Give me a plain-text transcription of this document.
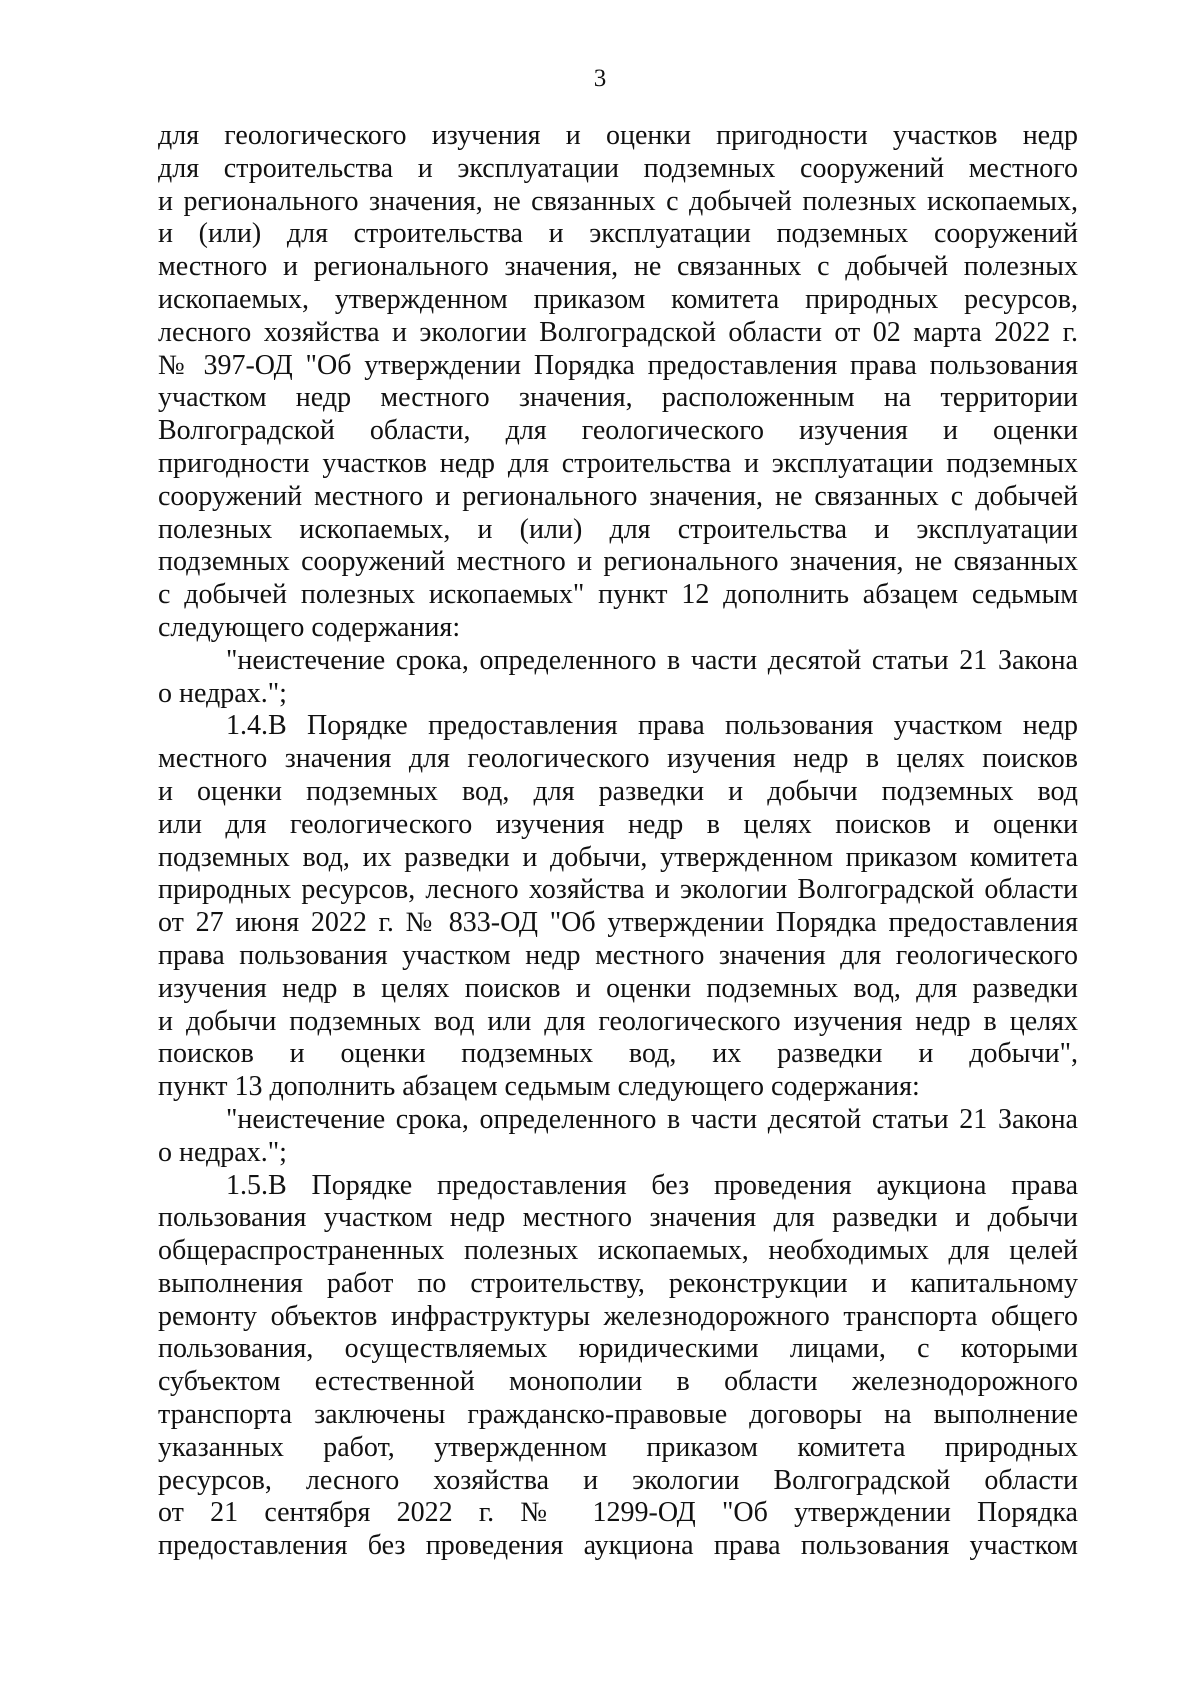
3
для геологического изучения и оценки пригодности участков недр
для строительства и эксплуатации подземных сооружений местного
и регионального значения, не связанных с добычей полезных ископаемых,
и (или) для строительства и эксплуатации подземных сооружений
местного и регионального значения, не связанных с добычей полезных
ископаемых, утвержденном приказом комитета природных ресурсов,
лесного хозяйства и экологии Волгоградской области от 02 марта 2022 г.
№ 397-ОД "Об утверждении Порядка предоставления права пользования
участком недр местного значения, расположенным на территории
Волгоградской области, для геологического изучения и оценки
пригодности участков недр для строительства и эксплуатации подземных
сооружений местного и регионального значения, не связанных с добычей
полезных ископаемых, и (или) для строительства и эксплуатации
подземных сооружений местного и регионального значения, не связанных
с добычей полезных ископаемых" пункт 12 дополнить абзацем седьмым
следующего содержания:
"неистечение срока, определенного в части десятой статьи 21 Закона
о недрах.";
1.4.В Порядке предоставления права пользования участком недр
местного значения для геологического изучения недр в целях поисков
и оценки подземных вод, для разведки и добычи подземных вод
или для геологического изучения недр в целях поисков и оценки
подземных вод, их разведки и добычи, утвержденном приказом комитета
природных ресурсов, лесного хозяйства и экологии Волгоградской области
от 27 июня 2022 г. № 833-ОД "Об утверждении Порядка предоставления
права пользования участком недр местного значения для геологического
изучения недр в целях поисков и оценки подземных вод, для разведки
и добычи подземных вод или для геологического изучения недр в целях
поисков и оценки подземных вод, их разведки и добычи",
пункт 13 дополнить абзацем седьмым следующего содержания:
"неистечение срока, определенного в части десятой статьи 21 Закона
о недрах.";
1.5.В Порядке предоставления без проведения аукциона права
пользования участком недр местного значения для разведки и добычи
общераспространенных полезных ископаемых, необходимых для целей
выполнения работ по строительству, реконструкции и капитальному
ремонту объектов инфраструктуры железнодорожного транспорта общего
пользования, осуществляемых юридическими лицами, с которыми
субъектом естественной монополии в области железнодорожного
транспорта заключены гражданско-правовые договоры на выполнение
указанных работ, утвержденном приказом комитета природных
ресурсов, лесного хозяйства и экологии Волгоградской области
от 21 сентября 2022 г. № 1299-ОД "Об утверждении Порядка
предоставления без проведения аукциона права пользования участком
